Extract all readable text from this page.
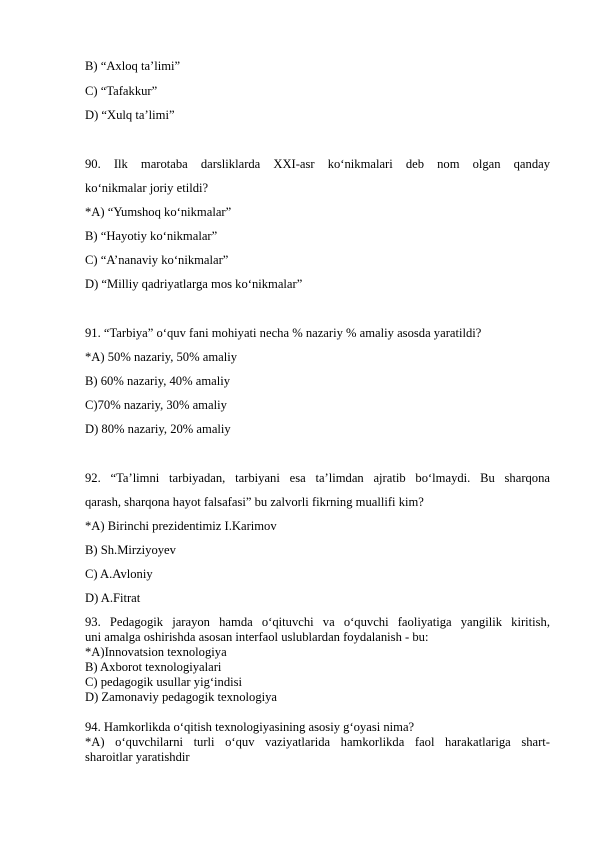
B) “Axloq ta’limi”
C) “Tafakkur”
D) “Xulq ta’limi”
90. Ilk marotaba darsliklarda XXI-asr ko‘nikmalari deb nom olgan qanday
ko‘nikmalar joriy etildi?
*A) “Yumshoq ko‘nikmalar”
B) “Hayotiy ko‘nikmalar”
C) “A’nanaviy ko‘nikmalar”
D) “Milliy qadriyatlarga mos ko‘nikmalar”
91. “Tarbiya” o‘quv fani mohiyati necha % nazariy % amaliy asosda yaratildi?
*A) 50% nazariy, 50% amaliy
B) 60% nazariy, 40% amaliy
C)70% nazariy, 30% amaliy
D) 80% nazariy, 20% amaliy
92. “Ta’limni tarbiyadan, tarbiyani esa ta’limdan ajratib bo‘lmaydi. Bu sharqona
qarash, sharqona hayot falsafasi” bu zalvorli fikrning muallifi kim?
*A) Birinchi prezidentimiz I.Karimov
B) Sh.Mirziyoyev
C) A.Avloniy
D) A.Fitrat
93. Pedagogik jarayon hamda o‘qituvchi va o‘quvchi faoliyatiga yangilik kiritish,
uni amalga oshirishda asosan interfaol uslublardan foydalanish - bu:
*A)Innovatsion texnologiya
B) Axborot texnologiyalari
C) pedagogik usullar yig‘indisi
D) Zamonaviy pedagogik texnologiya
94. Hamkorlikda o‘qitish texnologiyasining asosiy g‘oyasi nima?
*A) o‘quvchilarni turli o‘quv vaziyatlarida hamkorlikda faol harakatlariga shart-
sharoitlar yaratishdir
